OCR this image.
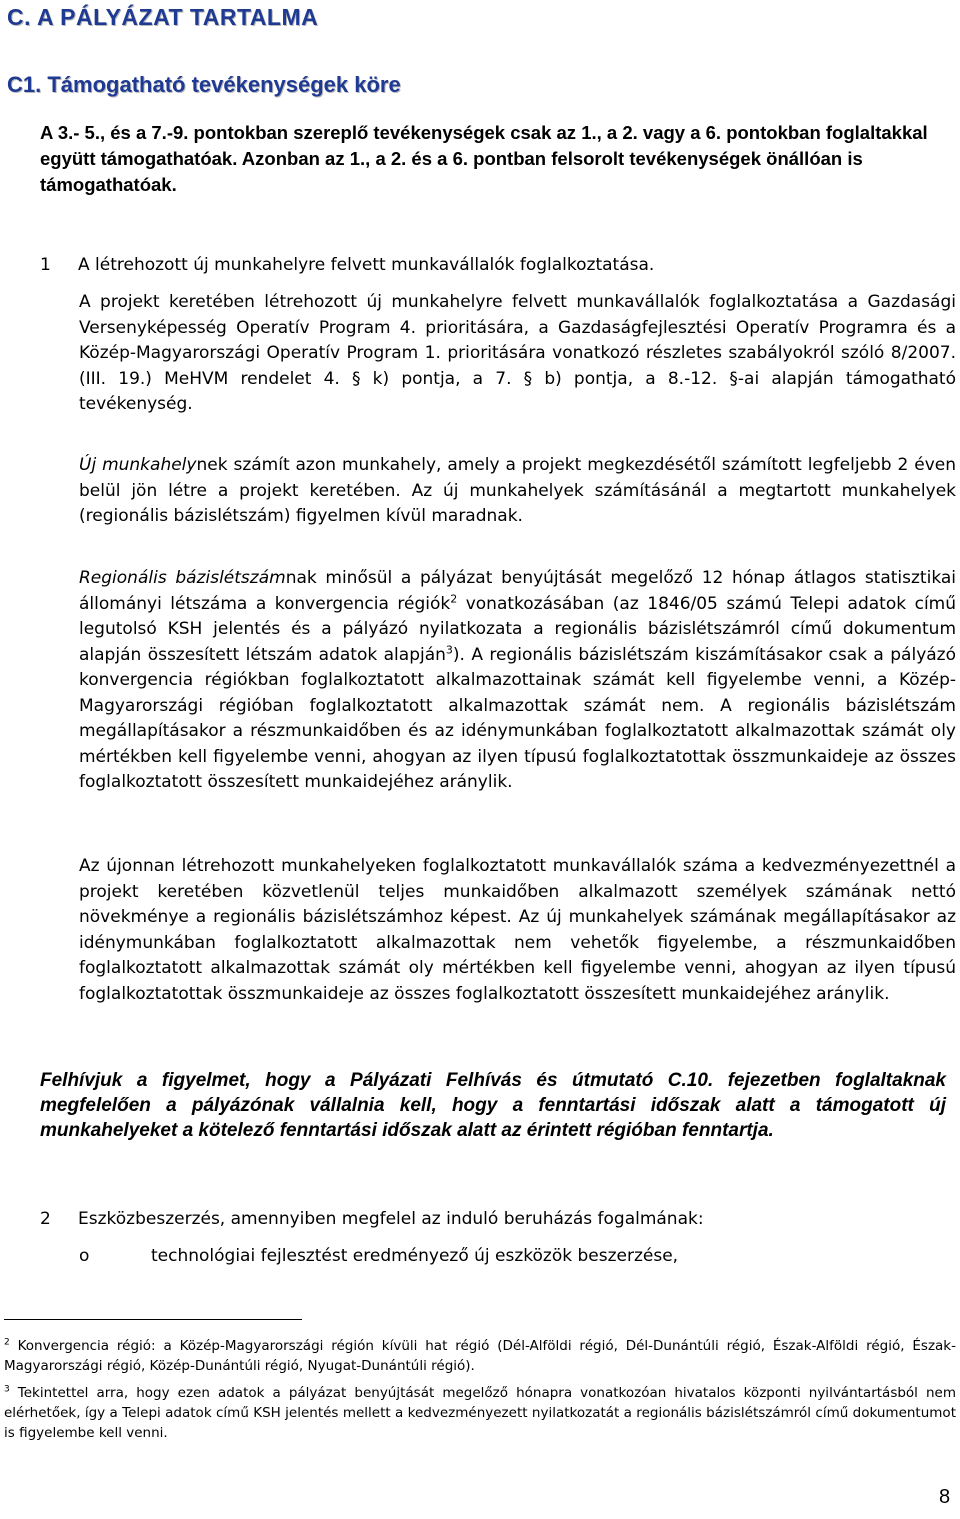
C. A PÁLYÁZAT TARTALMA
C1. Támogatható tevékenységek köre

A 3.- 5., és a 7.-9. pontokban szereplő tevékenységek csak az 1., a 2. vagy a 6. pontokban foglaltakkal együtt támogathatóak. Azonban az 1., a 2. és a 6. pontban felsorolt tevékenységek önállóan is támogathatóak.

1 A létrehozott új munkahelyre felvett munkavállalók foglalkoztatása.

A projekt keretében létrehozott új munkahelyre felvett munkavállalók foglalkoztatása a Gazdasági Versenyképesség Operatív Program 4. prioritására, a Gazdaságfejlesztési Operatív Programra és a Közép-Magyarországi Operatív Program 1. prioritására vonatkozó részletes szabályokról szóló 8/2007. (III. 19.) MeHVM rendelet 4. § k) pontja, a 7. § b) pontja, a 8.-12. §-ai alapján támogatható tevékenység.

Új munkahelynek számít azon munkahely, amely a projekt megkezdésétől számított legfeljebb 2 éven belül jön létre a projekt keretében. Az új munkahelyek számításánál a megtartott munkahelyek (regionális bázislétszám) figyelmen kívül maradnak.

Regionális bázislétszámnak minősül a pályázat benyújtását megelőző 12 hónap átlagos statisztikai állományi létszáma a konvergencia régiók$^2$ vonatkozásában (az 1846/05 számú Telepi adatok című legutolsó KSH jelentés és a pályázó nyilatkozata a regionális bázislétszámról című dokumentum alapján összesített létszám adatok alapján$^3$). A regionális bázislétszám kiszámításakor csak a pályázó konvergencia régiókban foglalkoztatott alkalmazottainak számát kell figyelembe venni, a Közép-Magyarországi régióban foglalkoztatott alkalmazottak számát nem. A regionális bázislétszám megállapításakor a részmunkaidőben és az idénymunkában foglalkoztatott alkalmazottak számát oly mértékben kell figyelembe venni, ahogyan az ilyen típusú foglalkoztatottak összmunkaideje az összes foglalkoztatott összesített munkaidejéhez aránylik.

Az újonnan létrehozott munkahelyeken foglalkoztatott munkavállalók száma a kedvezményezettnél a projekt keretében közvetlenül teljes munkaidőben alkalmazott személyek számának nettó növekménye a regionális bázislétszámhoz képest. Az új munkahelyek számának megállapításakor az idénymunkában foglalkoztatott alkalmazottak nem vehetők figyelembe, a részmunkaidőben foglalkoztatott alkalmazottak számát oly mértékben kell figyelembe venni, ahogyan az ilyen típusú foglalkoztatottak összmunkaideje az összes foglalkoztatott összesített munkaidejéhez aránylik.

Felhívjuk a figyelmet, hogy a Pályázati Felhívás és útmutató C.10. fejezetben foglaltaknak megfelelően a pályázónak vállalnia kell, hogy a fenntartási időszak alatt a támogatott új munkahelyeket a kötelező fenntartási időszak alatt az érintett régióban fenntartja.

2 Eszközbeszerzés, amennyiben megfelel az induló beruházás fogalmának:

o	technológiai fejlesztést eredményező új eszközök beszerzése,

$^2$ Konvergencia régió: a Közép-Magyarországi régión kívüli hat régió (Dél-Alföldi régió, Dél-Dunántúli régió, Észak-Alföldi régió, Észak-Magyarországi régió, Közép-Dunántúli régió, Nyugat-Dunántúli régió).

$^3$ Tekintettel arra, hogy ezen adatok a pályázat benyújtását megelőző hónapra vonatkozóan hivatalos központi nyilvántartásból nem elérhetőek, így a Telepi adatok című KSH jelentés mellett a kedvezményezett nyilatkozatát a regionális bázislétszámról című dokumentumot is figyelembe kell venni.

8
